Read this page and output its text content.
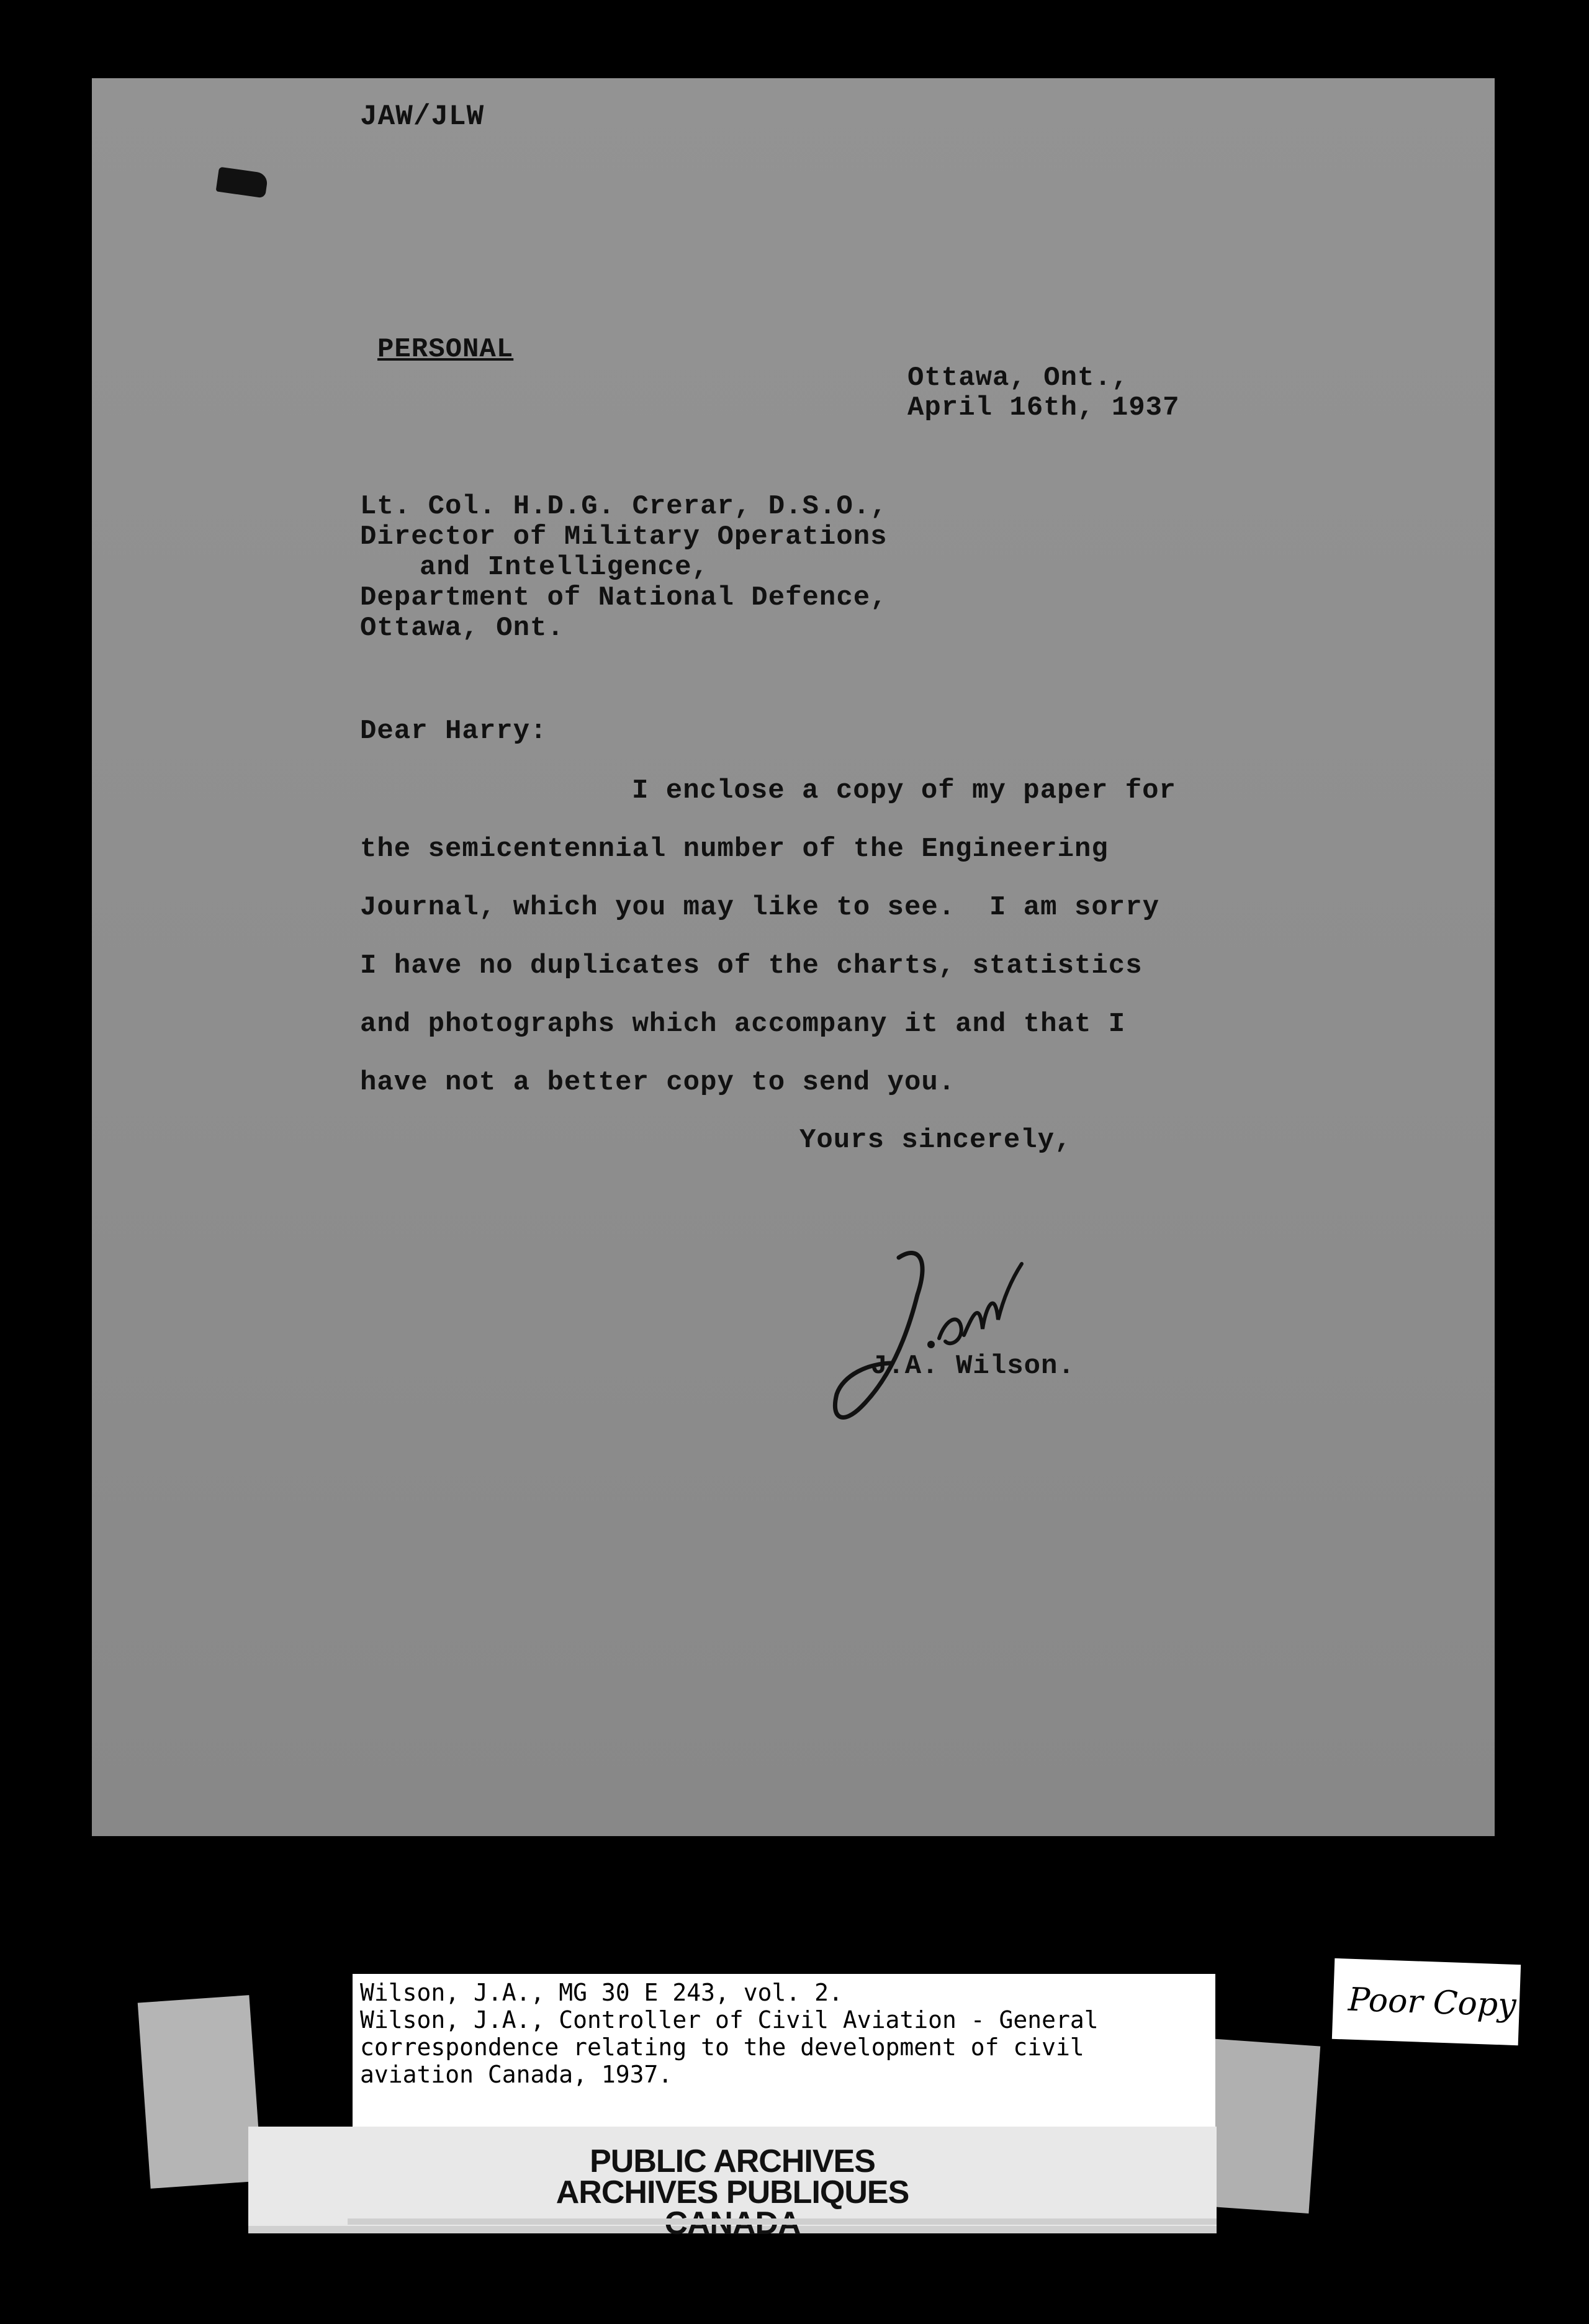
JAW/JLW

PERSONAL

Ottawa, Ont.,

April 16th, 1937

Lt. Col. H.D.G. Crerar, D.S.O.,

Director of Military Operations

and Intelligence,

Department of National Defence,

Ottawa, Ont.

Dear Harry:

I enclose a copy of my paper for

the semicentennial number of the Engineering

Journal, which you may like to see.  I am sorry

I have no duplicates of the charts, statistics

and photographs which accompany it and that I

have not a better copy to send you.

Yours sincerely,

J.A. Wilson.

Wilson, J.A., MG 30 E 243, vol. 2.

Wilson, J.A., Controller of Civil Aviation - General

correspondence relating to the development of civil

aviation Canada, 1937.

PUBLIC ARCHIVES

ARCHIVES PUBLIQUES

Poor Copy
